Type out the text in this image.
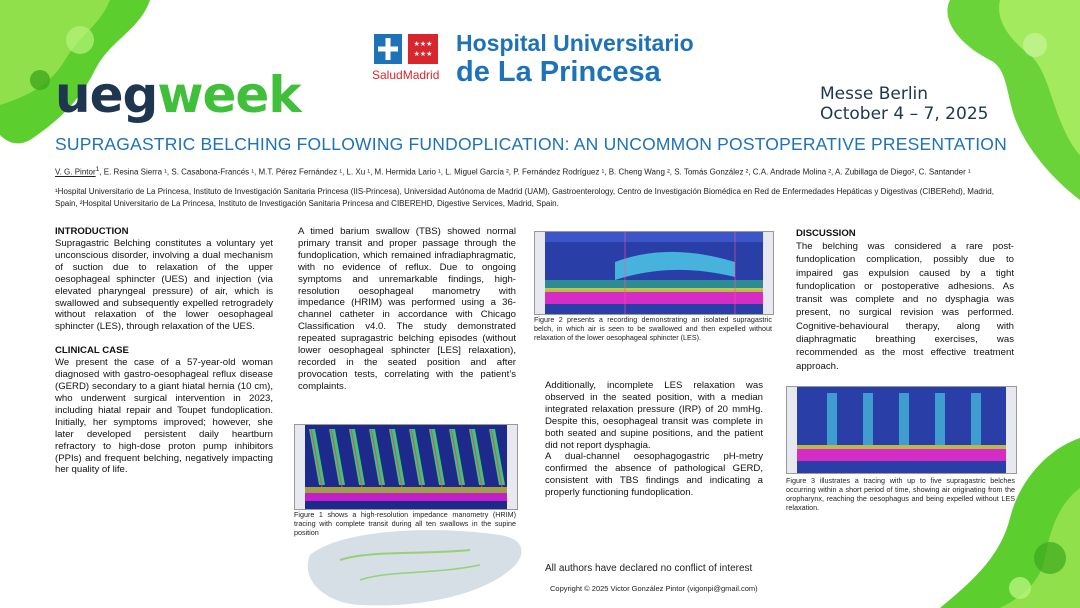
uegweek
★★★
★★★
SaludMadrid
Hospital Universitario
de La Princesa
Messe Berlin
October 4 – 7, 2025
SUPRAGASTRIC BELCHING FOLLOWING FUNDOPLICATION: AN UNCOMMON POSTOPERATIVE PRESENTATION
V. G. Pintor$^1$, E. Resina Sierra ¹, S. Casabona-Francés ¹, M.T. Pérez Fernández ¹, L. Xu ¹, M. Hermida Lario ¹, L. Miguel García ², P. Fernández Rodríguez ¹, B. Cheng Wang ², S. Tomás González ², C.A. Andrade Molina ², A. Zubillaga de Diego², C. Santander ¹
¹Hospital Universitario de La Princesa, Instituto de Investigación Sanitaria Princesa (IIS-Princesa), Universidad Autónoma de Madrid (UAM), Gastroenterology, Centro de Investigación Biomédica en Red de Enfermedades Hepáticas y Digestivas (CIBERehd), Madrid, Spain, ²Hospital Universitario de La Princesa, Instituto de Investigación Sanitaria Princesa and CIBEREHD, Digestive Services, Madrid, Spain.
INTRODUCTION

Supragastric Belching constitutes a voluntary yet unconscious disorder, involving a dual mechanism of suction due to relaxation of the upper oesophageal sphincter (UES) and injection (via elevated pharyngeal pressure) of air, which is swallowed and subsequently expelled retrogradely without relaxation of the lower oesophageal sphincter (LES), through relaxation of the UES.

CLINICAL CASE

We present the case of a 57-year-old woman diagnosed with gastro-oesophageal reflux disease (GERD) secondary to a giant hiatal hernia (10 cm), who underwent surgical intervention in 2023, including hiatal repair and Toupet fundoplication. Initially, her symptoms improved; however, she later developed persistent daily heartburn refractory to high-dose proton pump inhibitors (PPIs) and frequent belching, negatively impacting her quality of life.

A timed barium swallow (TBS) showed normal primary transit and proper passage through the fundoplication, which remained infradiaphragmatic, with no evidence of reflux. Due to ongoing symptoms and unremarkable findings, high-resolution oesophageal manometry with impedance (HRIM) was performed using a 36-channel catheter in accordance with Chicago Classification v4.0. The study demonstrated repeated supragastric belching episodes (without lower oesophageal sphincter [LES] relaxation), recorded in the seated position and after provocation tests, correlating with the patient’s complaints.

Figure 1 shows a high-resolution impedance manometry (HRIM) tracing with complete transit during all ten swallows in the supine position
Figure 2 presents a recording demonstrating an isolated supragastric belch, in which air is seen to be swallowed and then expelled without relaxation of the lower oesophageal sphincter (LES).

Additionally, incomplete LES relaxation was observed in the seated position, with a median integrated relaxation pressure (IRP) of 20 mmHg. Despite this, oesophageal transit was complete in both seated and supine positions, and the patient did not report dysphagia.

A dual-channel oesophagogastric pH-metry confirmed the absence of pathological GERD, consistent with TBS findings and indicating a properly functioning fundoplication.

DISCUSSION

The belching was considered a rare post-fundoplication complication, possibly due to impaired gas expulsion caused by a tight fundoplication or postoperative adhesions. As transit was complete and no dysphagia was present, no surgical revision was performed. Cognitive-behavioural therapy, along with diaphragmatic breathing exercises, was recommended as the most effective treatment approach.

Figure 3 illustrates a tracing with up to five supragastric belches occurring within a short period of time, showing air originating from the oropharynx, reaching the oesophagus and being expelled without LES relaxation.
All authors have declared no conflict of interest
Copyright © 2025 Victor González Pintor (vigonpi@gmail.com)
